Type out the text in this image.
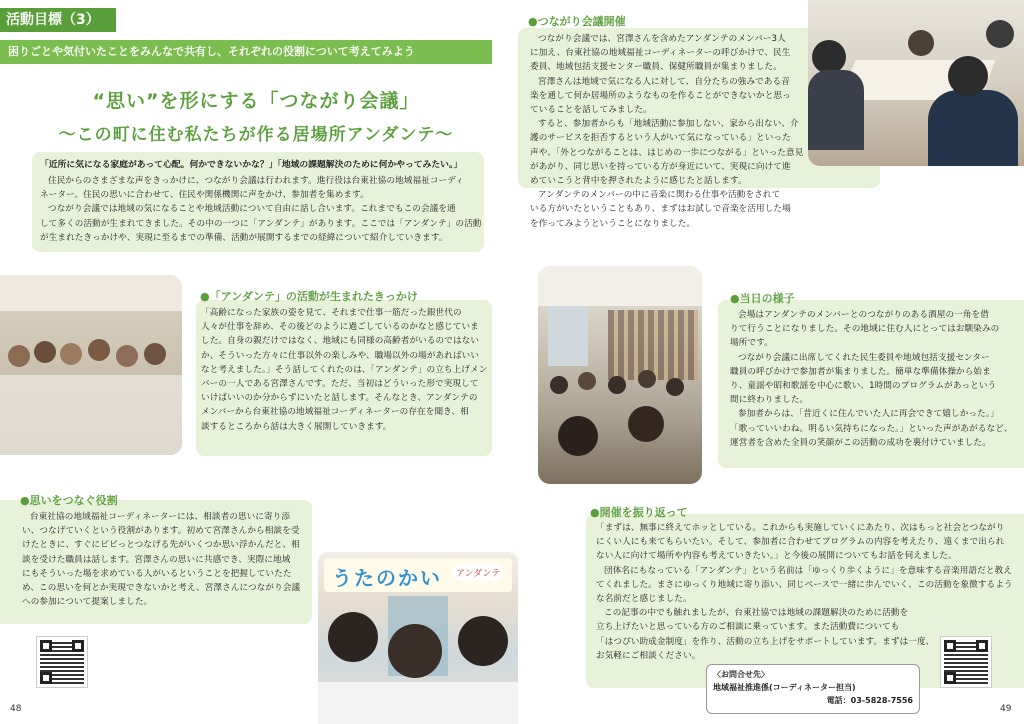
活動目標（3）
困りごとや気付いたことをみんなで共有し、それぞれの役割について考えてみよう
“思い”を形にする「つながり会議」
〜この町に住む私たちが作る居場所アンダンテ〜
「近所に気になる家庭があって心配。何かできないかな？」「地域の課題解決のために何かやってみたい。」
住民からのさまざまな声をきっかけに、つながり会議は行われます。進行役は台東社協の地域福祉コーディ
ネーター。住民の思いに合わせて、住民や関係機関に声をかけ、参加者を集めます。
つながり会議では地域の気になることや地域活動について自由に話し合います。これまでもこの会議を通
して多くの活動が生まれてきました。その中の一つに「アンダンテ」があります。ここでは「アンダンテ」の活動
が生まれたきっかけや、実現に至るまでの準備、活動が展開するまでの経緯について紹介していきます。
●「アンダンテ」の活動が生まれたきっかけ
「高齢になった家族の姿を見て、それまで仕事一筋だった銀世代の
人々が仕事を辞め、その後どのように過ごしているのかなと感じていま
した。自身の親だけではなく、地域にも同様の高齢者がいるのではない
か、そういった方々に仕事以外の楽しみや、職場以外の場があればいい
なと考えました。」そう話してくれたのは、「アンダンテ」の立ち上げメン
バーの一人である宮澤さんです。ただ、当初はどういった形で実現して
いけばいいのか分からずにいたと話します。そんなとき、アンダンテの
メンバーから台東社協の地域福祉コーディネーターの存在を聞き、相
談するところから話は大きく展開していきます。
●思いをつなぐ役割
台東社協の地域福祉コーディネーターには、相談者の思いに寄り添
い、つなげていくという役割があります。初めて宮澤さんから相談を受
けたときに、すぐにピピっとつなげる先がいくつか思い浮かんだと、相
談を受けた職員は話します。宮澤さんの思いに共感でき、実際に地域
にもそういった場を求めている人がいるということを把握していたた
め、この思いを何とか実現できないかと考え、宮澤さんにつながり会議
への参加について提案しました。
うたのかい	アンダンテ
48
●つながり会議開催
つながり会議では、宮澤さんを含めたアンダンテのメンバー3人
に加え、台東社協の地域福祉コーディネーターの呼びかけで、民生
委員、地域包括支援センター職員、保健所職員が集まりました。
宮澤さんは地域で気になる人に対して、自分たちの強みである音
楽を通して何か居場所のようなものを作ることができないかと思っ
ていることを話してみました。
すると、参加者からも「地域活動に参加しない、家から出ない、介
護のサービスを拒否するという人がいて気になっている」といった
声や、「外とつながることは、はじめの一歩につながる」といった意見
があがり、同じ思いを持っている方が身近にいて、実現に向けて進
めていこうと背中を押されたように感じたと話します。
アンダンテのメンバーの中に音楽に関わる仕事や活動をされて
いる方がいたということもあり、まずはお試しで音楽を活用した場
を作ってみようということになりました。
●当日の様子
会場はアンダンテのメンバーとのつながりのある酒屋の一角を借
りて行うことになりました。その地域に住む人にとってはお馴染みの
場所です。
つながり会議に出席してくれた民生委員や地域包括支援センター
職員の呼びかけで参加者が集まりました。簡単な準備体操から始ま
り、童謡や昭和歌謡を中心に歌い、1時間のプログラムがあっという
間に終わりました。
参加者からは、「昔近くに住んでいた人に再会できて嬉しかった。」
「歌っていいわね。明るい気持ちになった。」といった声があがるなど、
運営者を含めた全員の笑顔がこの活動の成功を裏付けていました。
●開催を振り返って
「まずは、無事に終えてホッとしている。これからも実施していくにあたり、次はもっと社会とつながり
にくい人にも来てもらいたい。そして、参加者に合わせてプログラムの内容を考えたり、遠くまで出られ
ない人に向けて場所や内容も考えていきたい。」と今後の展開についてもお話を伺えました。
団体名にもなっている「アンダンテ」という名前は「ゆっくり歩くように」を意味する音楽用語だと教え
てくれました。まさにゆっくり地域に寄り添い、同じペースで一緒に歩んでいく、この活動を象徴するよう
な名前だと感じました。
この記事の中でも触れましたが、台東社協では地域の課題解決のために活動を
立ち上げたいと思っている方のご相談に乗っています。また活動費についても
「はつぴい助成金制度」を作り、活動の立ち上げをサポートしています。まずは一度、
お気軽にご相談ください。
〈お問合せ先〉
地域福祉推進係(コーディネーター担当)
電話：03-5828-7556
49
